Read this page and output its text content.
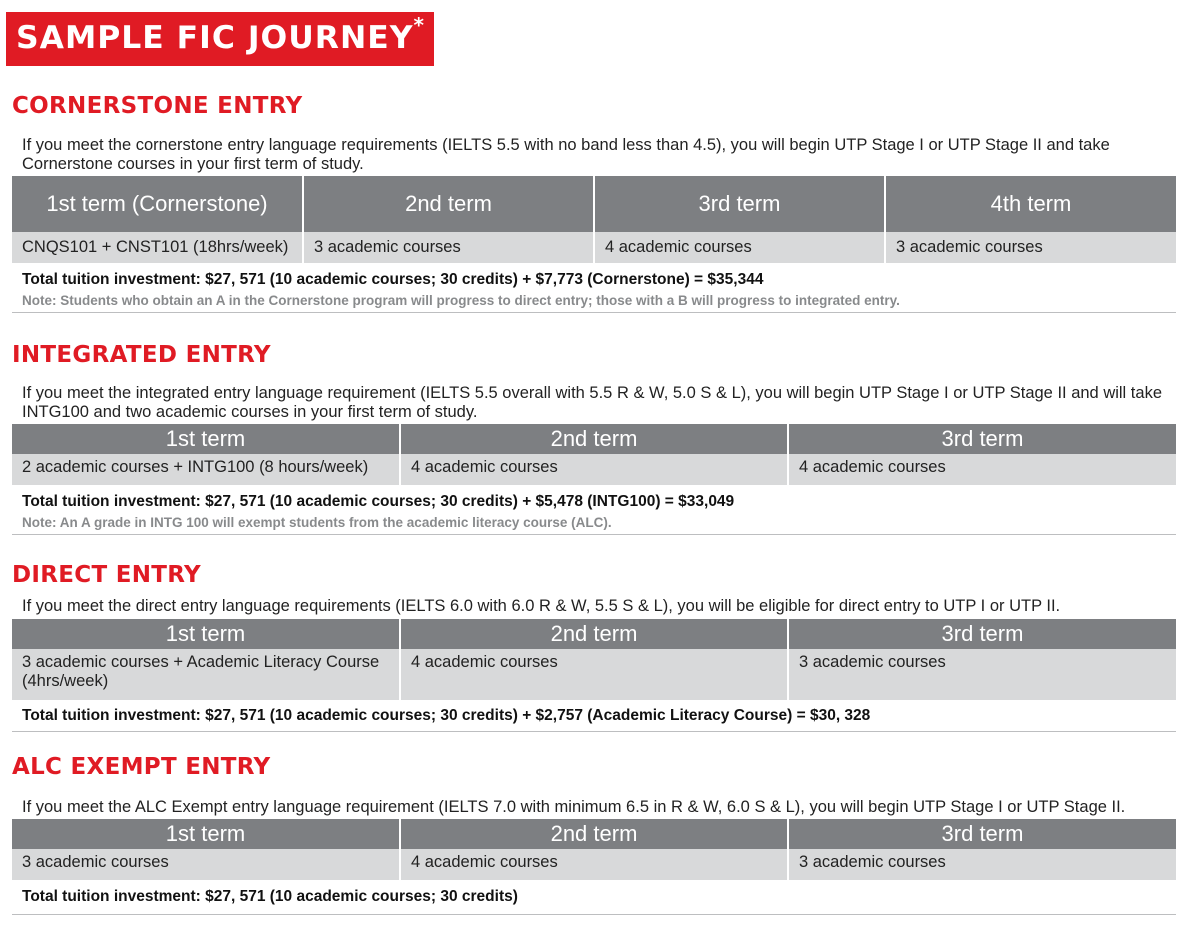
SAMPLE FIC JOURNEY*
CORNERSTONE ENTRY

If you meet the cornerstone entry language requirements (IELTS 5.5 with no band less than 4.5), you will begin UTP Stage I or UTP Stage II and take Cornerstone courses in your first term of study.

1st term (Cornerstone)	2nd term	3rd term	4th term
CNQS101 + CNST101 (18hrs/week)	3 academic courses	4 academic courses	3 academic courses

Total tuition investment: $27, 571 (10 academic courses; 30 credits) + $7,773 (Cornerstone) = $35,344

Note: Students who obtain an A in the Cornerstone program will progress to direct entry; those with a B will progress to integrated entry.

INTEGRATED ENTRY

If you meet the integrated entry language requirement (IELTS 5.5 overall with 5.5 R & W, 5.0 S & L), you will begin UTP Stage I or UTP Stage II and will take INTG100 and two academic courses in your first term of study.

1st term	2nd term	3rd term
2 academic courses + INTG100 (8 hours/week)	4 academic courses	4 academic courses

Total tuition investment: $27, 571 (10 academic courses; 30 credits) + $5,478 (INTG100) = $33,049

Note: An A grade in INTG 100 will exempt students from the academic literacy course (ALC).

DIRECT ENTRY

If you meet the direct entry language requirements (IELTS 6.0 with 6.0 R & W, 5.5 S & L), you will be eligible for direct entry to UTP I or UTP II.

1st term	2nd term	3rd term
3 academic courses + Academic Literacy Course (4hrs/week)	4 academic courses	3 academic courses

Total tuition investment: $27, 571 (10 academic courses; 30 credits) + $2,757 (Academic Literacy Course) = $30, 328

ALC EXEMPT ENTRY

If you meet the ALC Exempt entry language requirement (IELTS 7.0 with minimum 6.5 in R & W, 6.0 S & L), you will begin UTP Stage I or UTP Stage II.

1st term	2nd term	3rd term
3 academic courses	4 academic courses	3 academic courses

Total tuition investment: $27, 571 (10 academic courses; 30 credits)
